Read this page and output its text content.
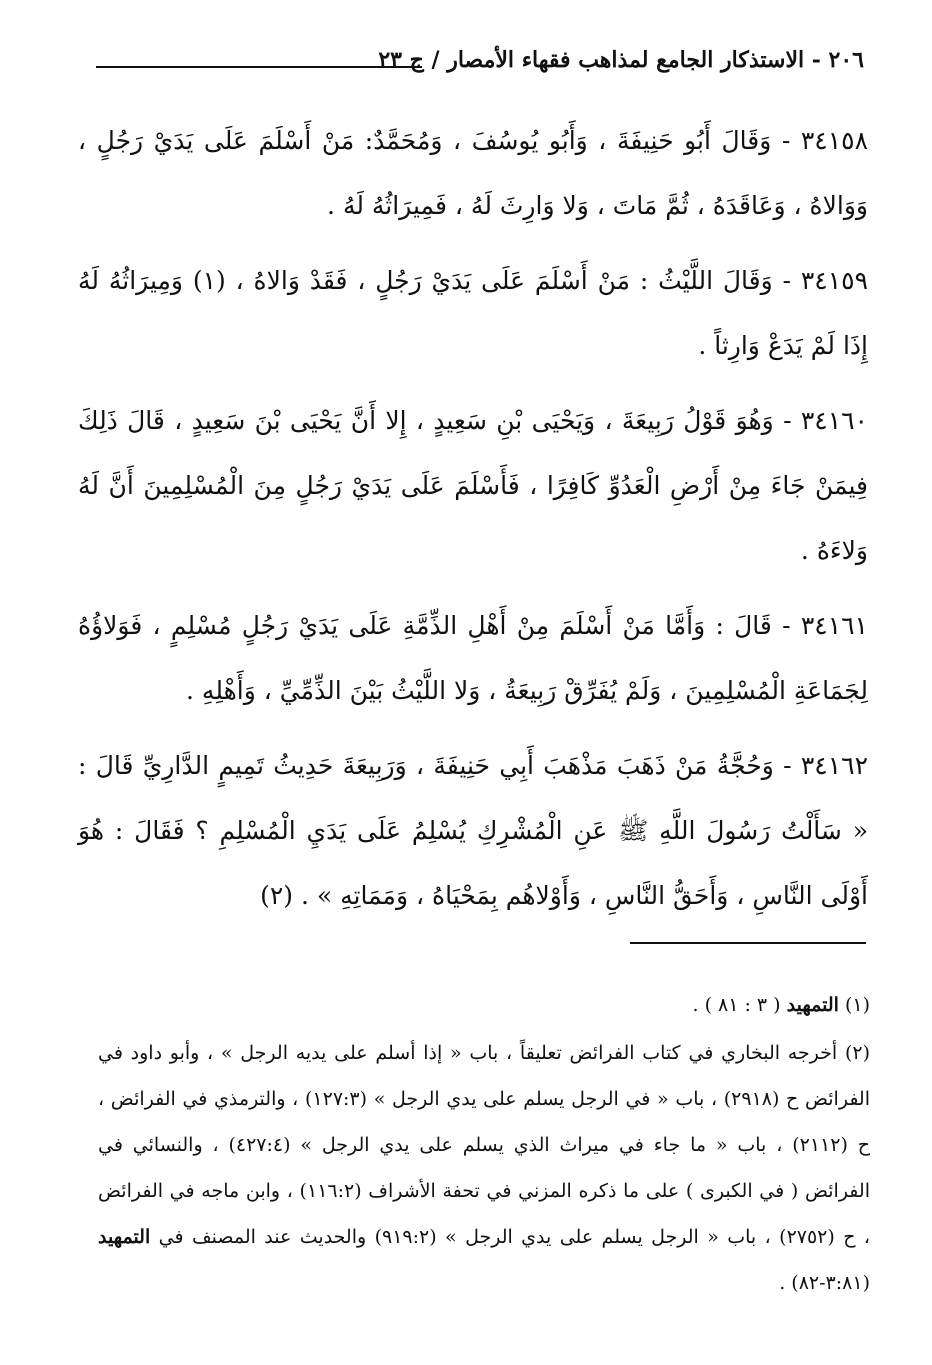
٢٠٦ - الاستذكار الجامع لمذاهب فقهاء الأمصار / ج ٢٣

٣٤١٥٨ - وَقَالَ أَبُو حَنِيفَةَ ، وَأَبُو يُوسُفَ ، وَمُحَمَّدٌ: مَنْ أَسْلَمَ عَلَى يَدَيْ رَجُلٍ ، وَوَالاهُ ، وَعَاقَدَهُ ، ثُمَّ مَاتَ ، وَلا وَارِثَ لَهُ ، فَمِيرَاثُهُ لَهُ .

٣٤١٥٩ - وَقَالَ اللَّيْثُ : مَنْ أَسْلَمَ عَلَى يَدَيْ رَجُلٍ ، فَقَدْ وَالاهُ ، (١) وَمِيرَاثُهُ لَهُ إِذَا لَمْ يَدَعْ وَارِثاً .

٣٤١٦٠ - وَهُوَ قَوْلُ رَبِيعَةَ ، وَيَحْيَى بْنِ سَعِيدٍ ، إِلا أَنَّ يَحْيَى بْنَ سَعِيدٍ ، قَالَ ذَلِكَ فِيمَنْ جَاءَ مِنْ أَرْضِ الْعَدُوِّ كَافِرًا ، فَأَسْلَمَ عَلَى يَدَيْ رَجُلٍ مِنَ الْمُسْلِمِينَ أَنَّ لَهُ وَلاءَهُ .

٣٤١٦١ - قَالَ : وَأَمَّا مَنْ أَسْلَمَ مِنْ أَهْلِ الذِّمَّةِ عَلَى يَدَيْ رَجُلٍ مُسْلِمٍ ، فَوَلاؤُهُ لِجَمَاعَةِ الْمُسْلِمِينَ ، وَلَمْ يُفَرِّقْ رَبِيعَةُ ، وَلا اللَّيْثُ بَيْنَ الذِّمِّيِّ ، وَأَهْلِهِ .

٣٤١٦٢ - وَحُجَّةُ مَنْ ذَهَبَ مَذْهَبَ أَبِي حَنِيفَةَ ، وَرَبِيعَةَ حَدِيثُ تَمِيمٍ الدَّارِيِّ قَالَ : « سَأَلْتُ رَسُولَ اللَّهِ ﷺ عَنِ الْمُشْرِكِ يُسْلِمُ عَلَى يَدَيِ الْمُسْلِمِ ؟ فَقَالَ : هُوَ أَوْلَى النَّاسِ ، وَأَحَقُّ النَّاسِ ، وَأَوْلاهُم بِمَحْيَاهُ ، وَمَمَاتِهِ » . (٢)

(١) التمهيد ( ٣ : ٨١ ) .

(٢) أخرجه البخاري في كتاب الفرائض تعليقاً ، باب « إذا أسلم على يديه الرجل » ، وأبو داود في الفرائض ح (٢٩١٨) ، باب « في الرجل يسلم على يدي الرجل » (١٢٧:٣) ، والترمذي في الفرائض ، ح (٢١١٢) ، باب « ما جاء في ميراث الذي يسلم على يدي الرجل » (٤٢٧:٤) ، والنسائي في الفرائض ( في الكبرى ) على ما ذكره المزني في تحفة الأشراف (١١٦:٢) ، وابن ماجه في الفرائض ، ح (٢٧٥٢) ، باب « الرجل يسلم على يدي الرجل » (٩١٩:٢) والحديث عند المصنف في التمهيد (٣:٨١-٨٢) .
